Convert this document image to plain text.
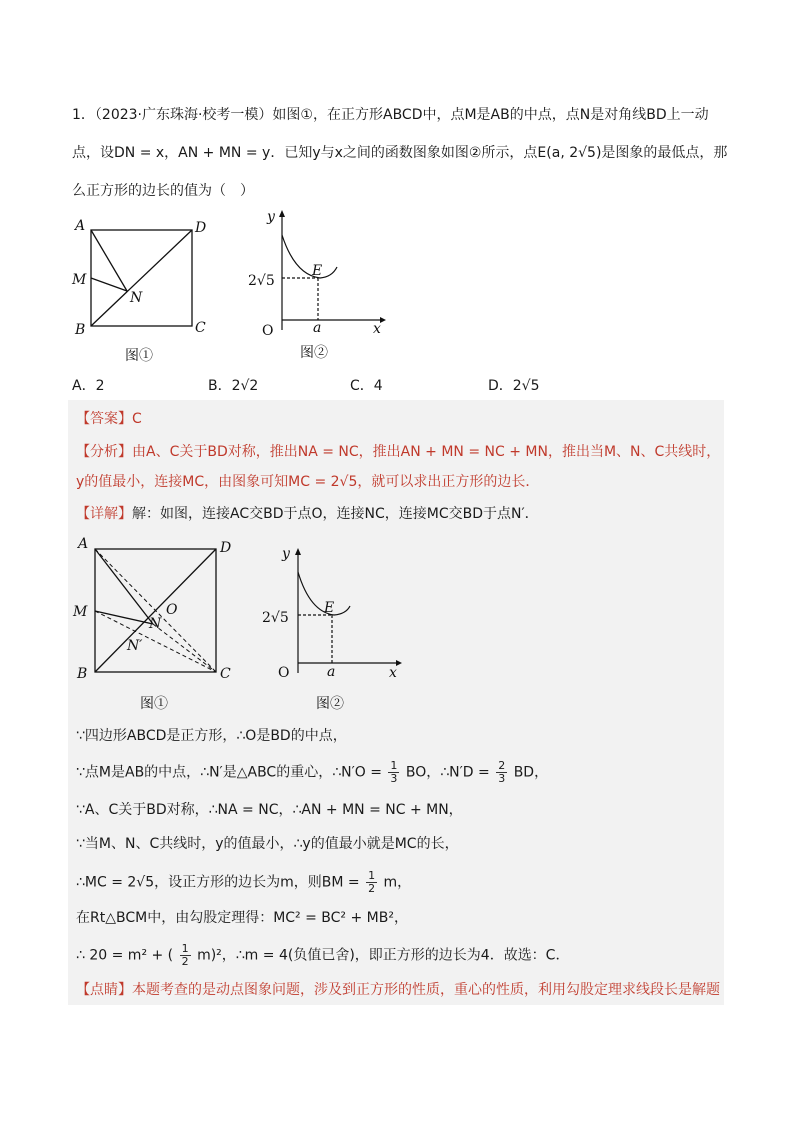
1．（2023·广东珠海·校考一模）如图①，在正方形ABCD中，点M是AB的中点，点N是对角线BD上一动
点，设DN = x，AN + MN = y．已知y与x之间的函数图象如图②所示，点E(a, 2√5)是图象的最低点，那
么正方形的边长的值为（　）
A	D
M
N
B	C
图①
y
x
O
E
a
2√5
图②
A．2	B．2√2	C．4	D．2√5
【答案】C
【分析】由A、C关于BD对称，推出NA = NC，推出AN + MN = NC + MN，推出当M、N、C共线时，
y的值最小，连接MC，由图象可知MC = 2√5，就可以求出正方形的边长．
【详解】解：如图，连接AC交BD于点O，连接NC，连接MC交BD于点N′．
A	D
M	O
N
N′
B	C
图①
y
x
O
E
a
2√5
图②
∵四边形ABCD是正方形，∴O是BD的中点，
∵点M是AB的中点，∴N′是△ABC的重心，∴N′O = $\frac{1}{3}$ BO，∴N′D = $\frac{2}{3}$ BD，
∵A、C关于BD对称，∴NA = NC，∴AN + MN = NC + MN，
∵当M、N、C共线时，y的值最小，∴y的值最小就是MC的长，
∴MC = 2√5，设正方形的边长为m，则BM = $\frac{1}{2}$ m，
在Rt△BCM中，由勾股定理得：MC² = BC² + MB²，
∴ 20 = m² + ( $\frac{1}{2} m)^2$，∴m = 4(负值已舍)，即正方形的边长为4．故选：C．
【点睛】本题考查的是动点图象问题，涉及到正方形的性质，重心的性质，利用勾股定理求线段长是解题
